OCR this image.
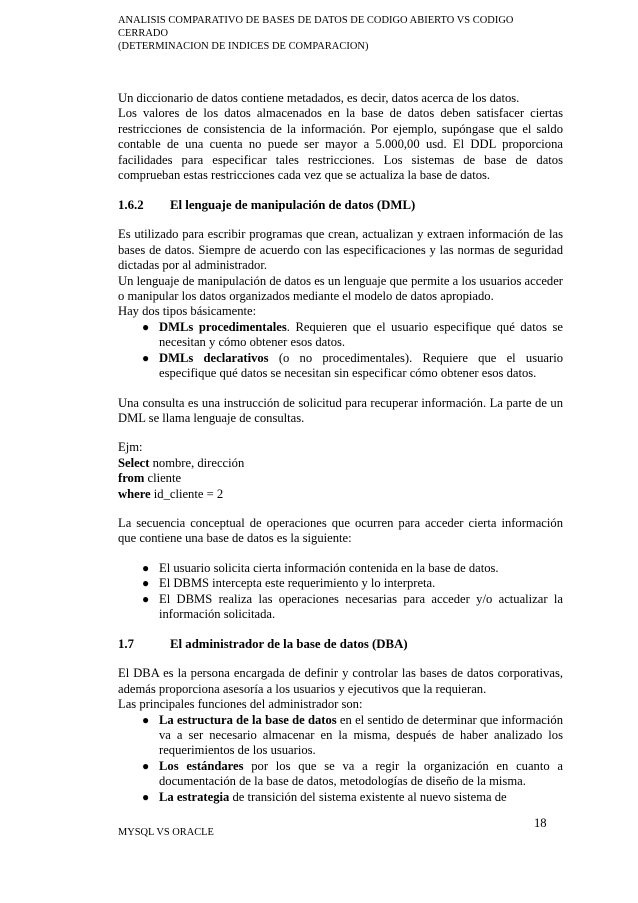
ANALISIS COMPARATIVO DE BASES DE DATOS DE CODIGO ABIERTO VS CODIGO CERRADO
(DETERMINACION DE INDICES DE COMPARACION)

Un diccionario de datos contiene metadados, es decir, datos acerca de los datos.

Los valores de los datos almacenados en la base de datos deben satisfacer ciertas restricciones de consistencia de la información. Por ejemplo, supóngase que el saldo contable de una cuenta no puede ser mayor a 5.000,00 usd. El DDL proporciona facilidades para especificar tales restricciones. Los sistemas de base de datos comprueban estas restricciones cada vez que se actualiza la base de datos.

1.6.2 El lenguaje de manipulación de datos (DML)

Es utilizado para escribir programas que crean, actualizan y extraen información de las bases de datos. Siempre de acuerdo con las especificaciones y las normas de seguridad dictadas por al administrador.

Un lenguaje de manipulación de datos es un lenguaje que permite a los usuarios acceder o manipular los datos organizados mediante el modelo de datos apropiado.

Hay dos tipos básicamente:

● DMLs procedimentales. Requieren que el usuario especifique qué datos se necesitan y cómo obtener esos datos.
● DMLs declarativos (o no procedimentales). Requiere que el usuario especifique qué datos se necesitan sin especificar cómo obtener esos datos.

Una consulta es una instrucción de solicitud para recuperar información. La parte de un DML se llama lenguaje de consultas.

Ejm:
Select nombre, dirección
from cliente
where id_cliente = 2

La secuencia conceptual de operaciones que ocurren para acceder cierta información que contiene una base de datos es la siguiente:

● El usuario solicita cierta información contenida en la base de datos.
● El DBMS intercepta este requerimiento y lo interpreta.
● El DBMS realiza las operaciones necesarias para acceder y/o actualizar la información solicitada.
1.7	El administrador de la base de datos (DBA)

El DBA es la persona encargada de definir y controlar las bases de datos corporativas, además proporciona asesoría a los usuarios y ejecutivos que la requieran.

Las principales funciones del administrador son:

● La estructura de la base de datos en el sentido de determinar que información va a ser necesario almacenar en la misma, después de haber analizado los requerimientos de los usuarios.
● Los estándares por los que se va a regir la organización en cuanto a documentación de la base de datos, metodologías de diseño de la misma.
● La estrategia de transición del sistema existente al nuevo sistema de
18
MYSQL VS ORACLE
